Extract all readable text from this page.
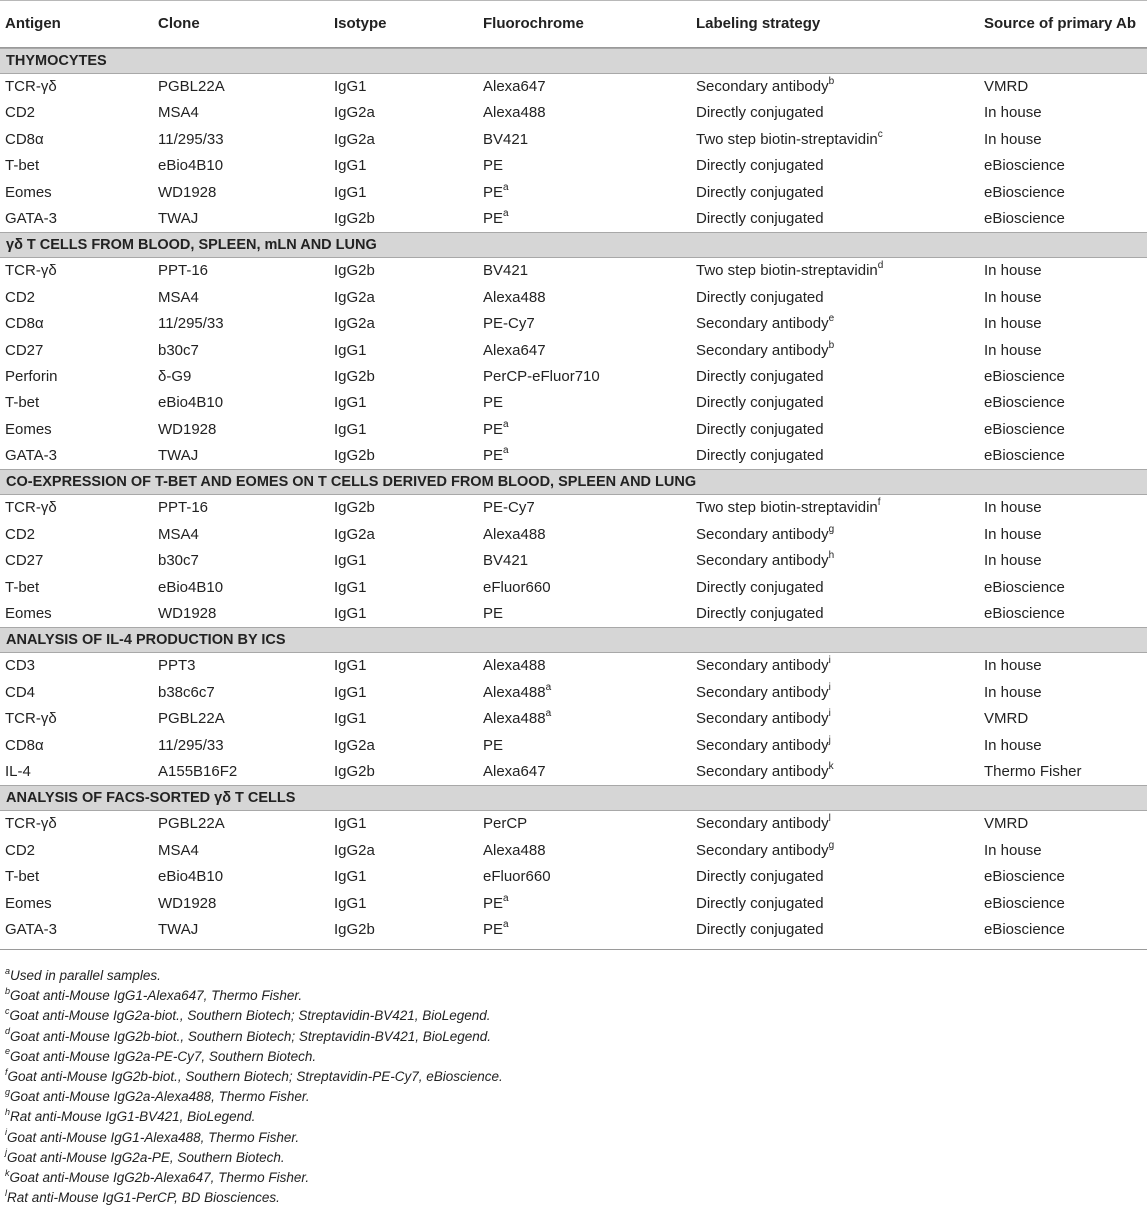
Antigen	Clone	Isotype	Fluorochrome	Labeling strategy	Source of primary Ab
THYMOCYTES
TCR-γδ	PGBL22A	IgG1	Alexa647	Secondary antibody$^b$	VMRD
CD2	MSA4	IgG2a	Alexa488	Directly conjugated	In house
CD8α	11/295/33	IgG2a	BV421	Two step biotin-streptavidin$^c$	In house
T-bet	eBio4B10	IgG1	PE	Directly conjugated	eBioscience
Eomes	WD1928	IgG1	$PE^a$	Directly conjugated	eBioscience
GATA-3	TWAJ	IgG2b	$PE^a$	Directly conjugated	eBioscience
γδ T CELLS FROM BLOOD, SPLEEN, mLN AND LUNG
TCR-γδ	PPT-16	IgG2b	BV421	Two step biotin-streptavidin$^d$	In house
CD2	MSA4	IgG2a	Alexa488	Directly conjugated	In house
CD8α	11/295/33	IgG2a	PE-Cy7	Secondary antibody$^e$	In house
CD27	b30c7	IgG1	Alexa647	Secondary antibody$^b$	In house
Perforin	δ-G9	IgG2b	PerCP-eFluor710	Directly conjugated	eBioscience
T-bet	eBio4B10	IgG1	PE	Directly conjugated	eBioscience
Eomes	WD1928	IgG1	$PE^a$	Directly conjugated	eBioscience
GATA-3	TWAJ	IgG2b	$PE^a$	Directly conjugated	eBioscience
CO-EXPRESSION OF T-BET AND EOMES ON T CELLS DERIVED FROM BLOOD, SPLEEN AND LUNG
TCR-γδ	PPT-16	IgG2b	PE-Cy7	Two step biotin-streptavidin$^f$	In house
CD2	MSA4	IgG2a	Alexa488	Secondary antibody$^g$	In house
CD27	b30c7	IgG1	BV421	Secondary antibody$^h$	In house
T-bet	eBio4B10	IgG1	eFluor660	Directly conjugated	eBioscience
Eomes	WD1928	IgG1	PE	Directly conjugated	eBioscience
ANALYSIS OF IL-4 PRODUCTION BY ICS
CD3	PPT3	IgG1	Alexa488	Secondary antibody$^i$	In house
CD4	b38c6c7	IgG1	Alexa488$^a$	Secondary antibody$^i$	In house
TCR-γδ	PGBL22A	IgG1	Alexa488$^a$	Secondary antibody$^i$	VMRD
CD8α	11/295/33	IgG2a	PE	Secondary antibody$^j$	In house
IL-4	A155B16F2	IgG2b	Alexa647	Secondary antibody$^k$	Thermo Fisher
ANALYSIS OF FACS-SORTED γδ T CELLS
TCR-γδ	PGBL22A	IgG1	PerCP	Secondary antibody$^l$	VMRD
CD2	MSA4	IgG2a	Alexa488	Secondary antibody$^g$	In house
T-bet	eBio4B10	IgG1	eFluor660	Directly conjugated	eBioscience
Eomes	WD1928	IgG1	$PE^a$	Directly conjugated	eBioscience
GATA-3	TWAJ	IgG2b	$PE^a$	Directly conjugated	eBioscience
$^a$Used in parallel samples.
$^b$Goat anti-Mouse IgG1-Alexa647, Thermo Fisher.
$^c$Goat anti-Mouse IgG2a-biot., Southern Biotech; Streptavidin-BV421, BioLegend.
$^d$Goat anti-Mouse IgG2b-biot., Southern Biotech; Streptavidin-BV421, BioLegend.
$^e$Goat anti-Mouse IgG2a-PE-Cy7, Southern Biotech.
$^f$Goat anti-Mouse IgG2b-biot., Southern Biotech; Streptavidin-PE-Cy7, eBioscience.
$^g$Goat anti-Mouse IgG2a-Alexa488, Thermo Fisher.
$^h$Rat anti-Mouse IgG1-BV421, BioLegend.
$^i$Goat anti-Mouse IgG1-Alexa488, Thermo Fisher.
$^j$Goat anti-Mouse IgG2a-PE, Southern Biotech.
$^k$Goat anti-Mouse IgG2b-Alexa647, Thermo Fisher.
$^l$Rat anti-Mouse IgG1-PerCP, BD Biosciences.
